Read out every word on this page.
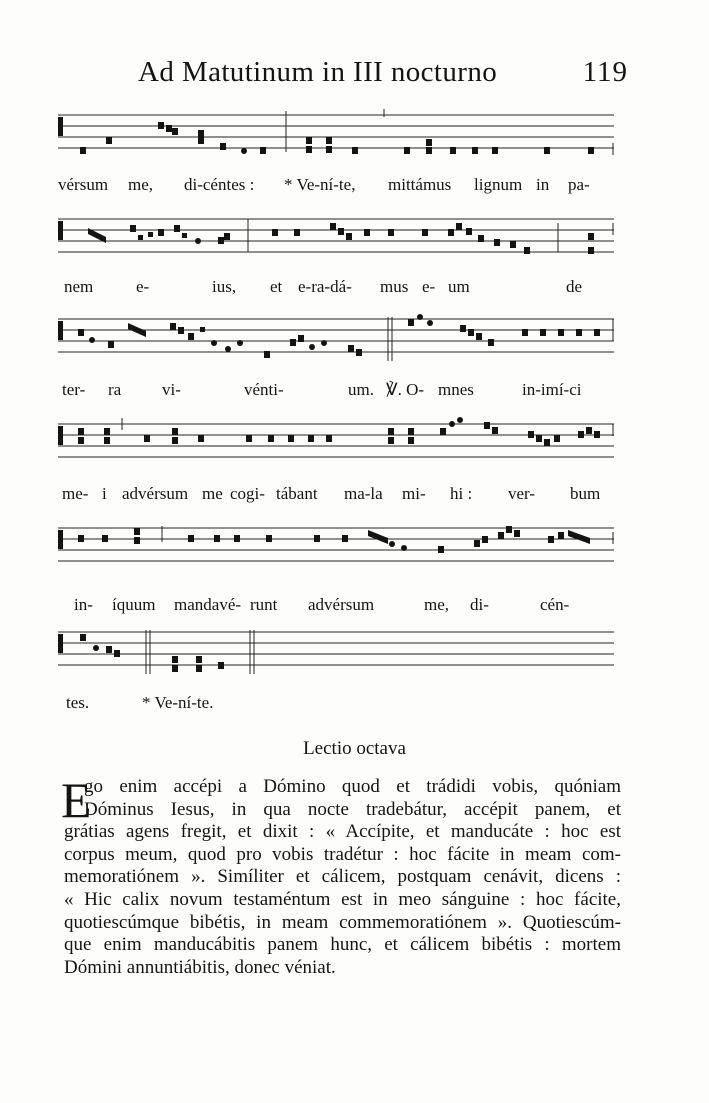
Ad Matutinum in III nocturno	119
vérsum me, di-céntes : * Ve-ní-te, mittámus lignum in pa-
nem	e-	ius, et e-ra-dá- mus e- um	de
ter- ra vi-	vénti-	um. ℣. O- mnes	in-imí-ci
me- i advérsum me cogi- tábant ma-la mi- hi : ver- bum
in- íquum mandavé- runt advérsum	me, di-	cén-
tes.	* Ve-ní-te.
Lectio octava
E
go enim accépi a Dómino quod et trádidi vobis, quóniam
Dóminus Iesus, in qua nocte tradebátur, accépit panem, et
grátias agens fregit, et dixit : « Accípite, et manducáte : hoc est
corpus meum, quod pro vobis tradétur : hoc fácite in meam com-
memoratiónem ». Simíliter et cálicem, postquam cenávit, dicens :
« Hic calix novum testaméntum est in meo sánguine : hoc fácite,
quotiescúmque bibétis, in meam commemoratiónem ». Quotiescúm-
que enim manducábitis panem hunc, et cálicem bibétis : mortem
Dómini annuntiábitis, donec véniat.
